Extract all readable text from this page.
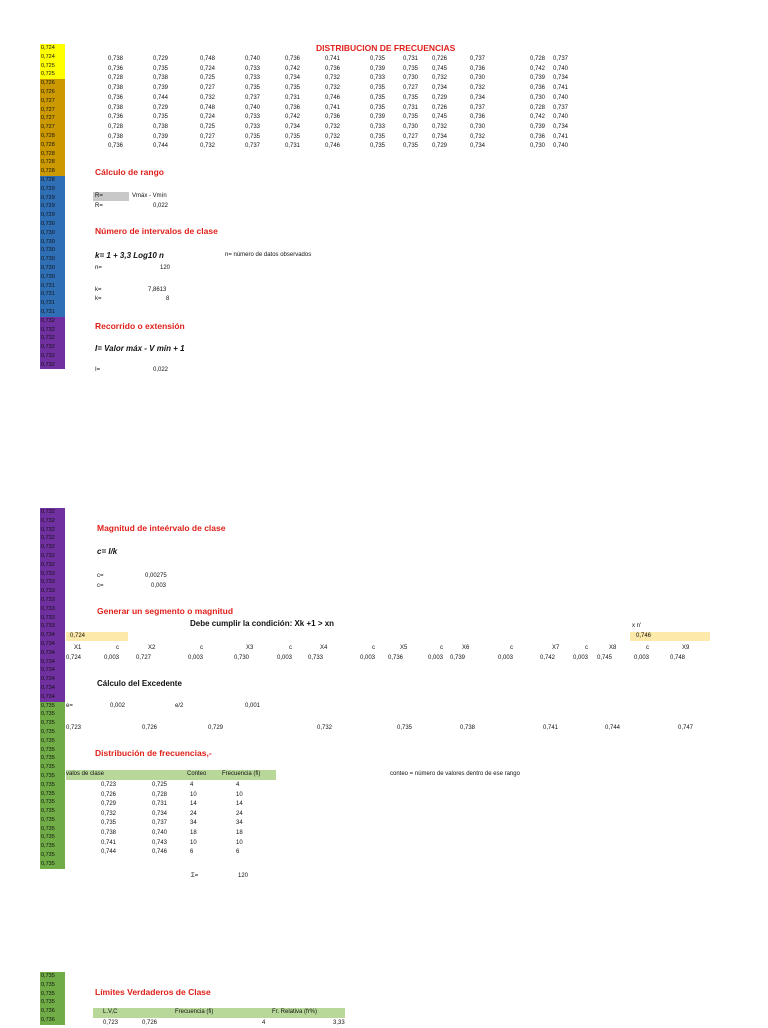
0,724
0,724
0,725
0,725
0,726
0,726
0,727
0,727
0,727
0,727
0,728
0,728
0,728
0,728
0,728
0,728
0,729
0,729
0,729
0,729
0,730
0,730
0,730
0,730
0,730
0,730
0,730
0,731
0,731
0,731
0,731
0,732
0,732
0,732
0,732
0,732
0,732
0,732
0,732
0,732
0,732
0,732
0,732
0,732
0,733
0,733
0,733
0,733
0,733
0,733
0,733
0,734
0,734
0,734
0,734
0,734
0,734
0,734
0,734
0,735
0,735
0,735
0,735
0,735
0,735
0,735
0,735
0,735
0,735
0,735
0,735
0,735
0,735
0,735
0,735
0,735
0,735
0,735
0,735
0,735
0,735
0,735
0,736
0,736
DISTRIBUCION DE FRECUENCIAS
0,738	0,729	0,748	0,740	0,736	0,741	0,735	0,731 0,726	0,737	0,728 0,737
0,736	0,735	0,724	0,733	0,742	0,736	0,739	0,735 0,745	0,736	0,742 0,740
0,728	0,738	0,725	0,733	0,734	0,732	0,733	0,730 0,732	0,730	0,739 0,734
0,738	0,739	0,727	0,735	0,735	0,732	0,735	0,727 0,734	0,732	0,736 0,741
0,736	0,744	0,732	0,737	0,731	0,746	0,735	0,735 0,729	0,734	0,730 0,740
0,738	0,729	0,748	0,740	0,736	0,741	0,735	0,731 0,726	0,737	0,728 0,737
0,736	0,735	0,724	0,733	0,742	0,736	0,739	0,735 0,745	0,736	0,742 0,740
0,728	0,738	0,725	0,733	0,734	0,732	0,733	0,730 0,732	0,730	0,739 0,734
0,738	0,739	0,727	0,735	0,735	0,732	0,735	0,727 0,734	0,732	0,736 0,741
0,736	0,744	0,732	0,737	0,731	0,746	0,735	0,735 0,729	0,734	0,730 0,740
Cálculo de rango
R=	Vmáx - Vmín
R=	0,022
Número de intervalos de clase
k= 1 + 3,3 Log10 n	n= número de datos observados
n=	120
k=	7,8613
k=	8
Recorrido o extensión
I= Valor máx - V mín + 1
I=	0,022
Magnitud de inteérvalo de clase
c= I/k
c=	0,00275
c=	0,003
Generar un segmento o magnitud
Debe cumplir la condición: Xk +1 > xn	x n'
0,724	0,746
X1	c	X2	c	X3	c	X4	c	X5	c	X6	c	X7	c	X8	c	X9
0,724	0,003	0,727	0,003	0,730	0,003	0,733	0,003 0,736	0,003 0,739	0,003	0,742	0,003 0,745	0,003	0,748
Cálculo del Excedente
e=	0,002	e/2	0,001
0,723	0,726	0,729	0,732	0,735	0,738	0,741	0,744	0,747
Distribución de frecuencias,-
valos de clase	Conteo	Frecuencia (fi)	conteo = número de valores dentro de ese rango
0,723	0,725	4	4
0,726	0,728	10	10
0,729	0,731	14	14
0,732	0,734	24	24
0,735	0,737	34	34
0,738	0,740	18	18
0,741	0,743	10	10
0,744	0,746	6	6
Σ=	120
Límites Verdaderos de Clase
L.V,C	Frecuencia (fi)	Fr. Relativa (fr%)
0,723	0,726	4	3,33
